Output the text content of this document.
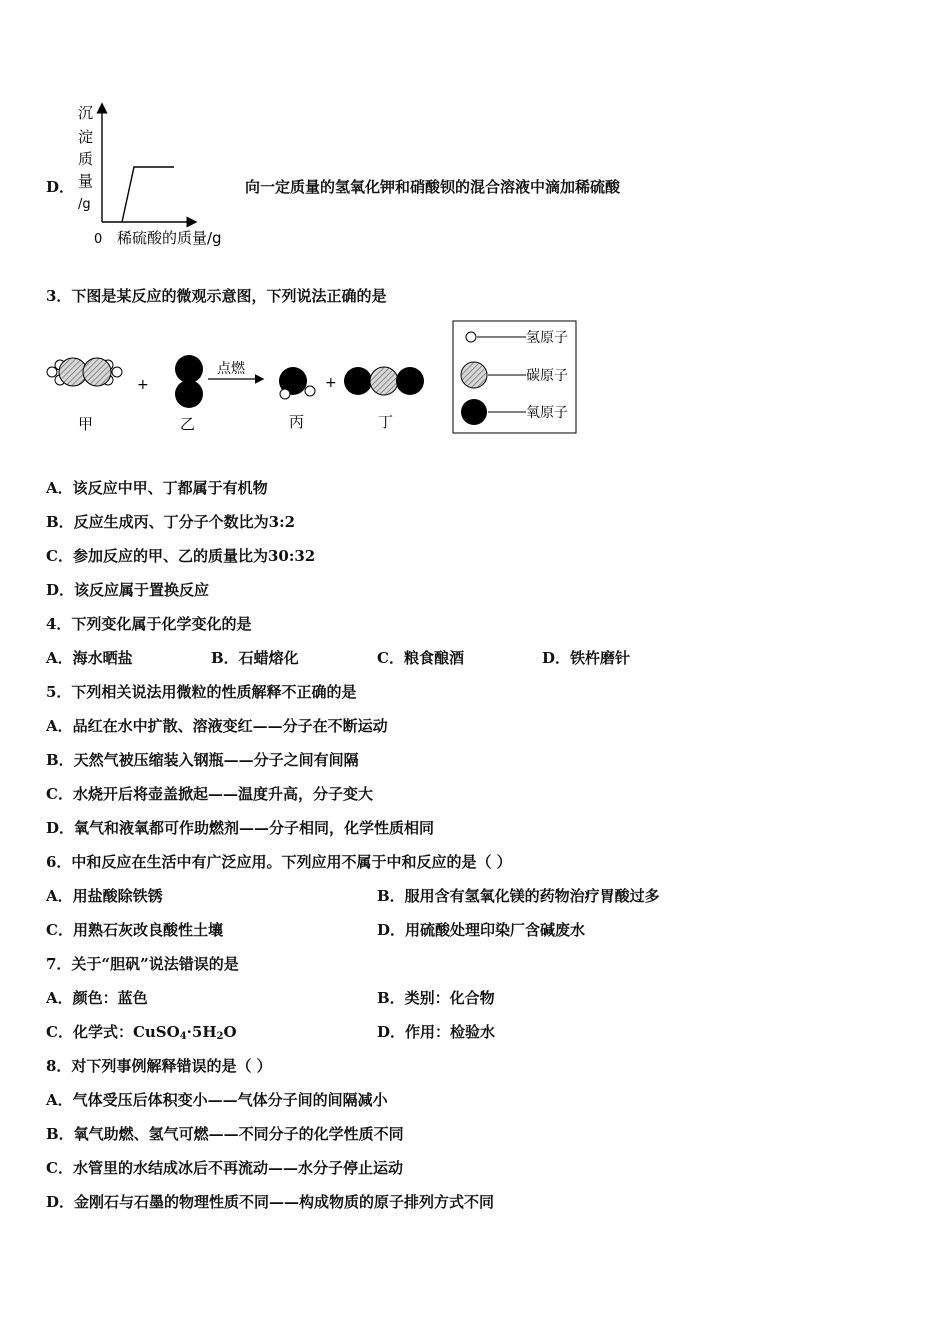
D．
沉
淀
质
量
/g
0 稀硫酸的质量/g
向一定质量的氢氧化钾和硝酸钡的混合溶液中滴加稀硫酸
3．下图是某反应的微观示意图，下列说法正确的是
甲
+
乙
点燃
丙
+
丁
氢原子
碳原子
氧原子
A．该反应中甲、丁都属于有机物
B．反应生成丙、丁分子个数比为3:2
C．参加反应的甲、乙的质量比为30:32
D．该反应属于置换反应
4．下列变化属于化学变化的是
A．海水晒盐	B．石蜡熔化	C．粮食酿酒	D．铁杵磨针
5．下列相关说法用微粒的性质解释不正确的是
A．品红在水中扩散、溶液变红——分子在不断运动
B．天然气被压缩装入钢瓶——分子之间有间隔
C．水烧开后将壶盖掀起——温度升高，分子变大
D．氧气和液氧都可作助燃剂——分子相同，化学性质相同
6．中和反应在生活中有广泛应用。下列应用不属于中和反应的是（ ）
A．用盐酸除铁锈	B．服用含有氢氧化镁的药物治疗胃酸过多
C．用熟石灰改良酸性土壤	D．用硫酸处理印染厂含碱废水
7．关于“胆矾”说法错误的是
A．颜色：蓝色	B．类别：化合物
C．化学式：$CuSO_4\cdot 5H_2O$	D．作用：检验水
8．对下列事例解释错误的是（ ）
A．气体受压后体积变小——气体分子间的间隔减小
B．氧气助燃、氢气可燃——不同分子的化学性质不同
C．水管里的水结成冰后不再流动——水分子停止运动
D．金刚石与石墨的物理性质不同——构成物质的原子排列方式不同
